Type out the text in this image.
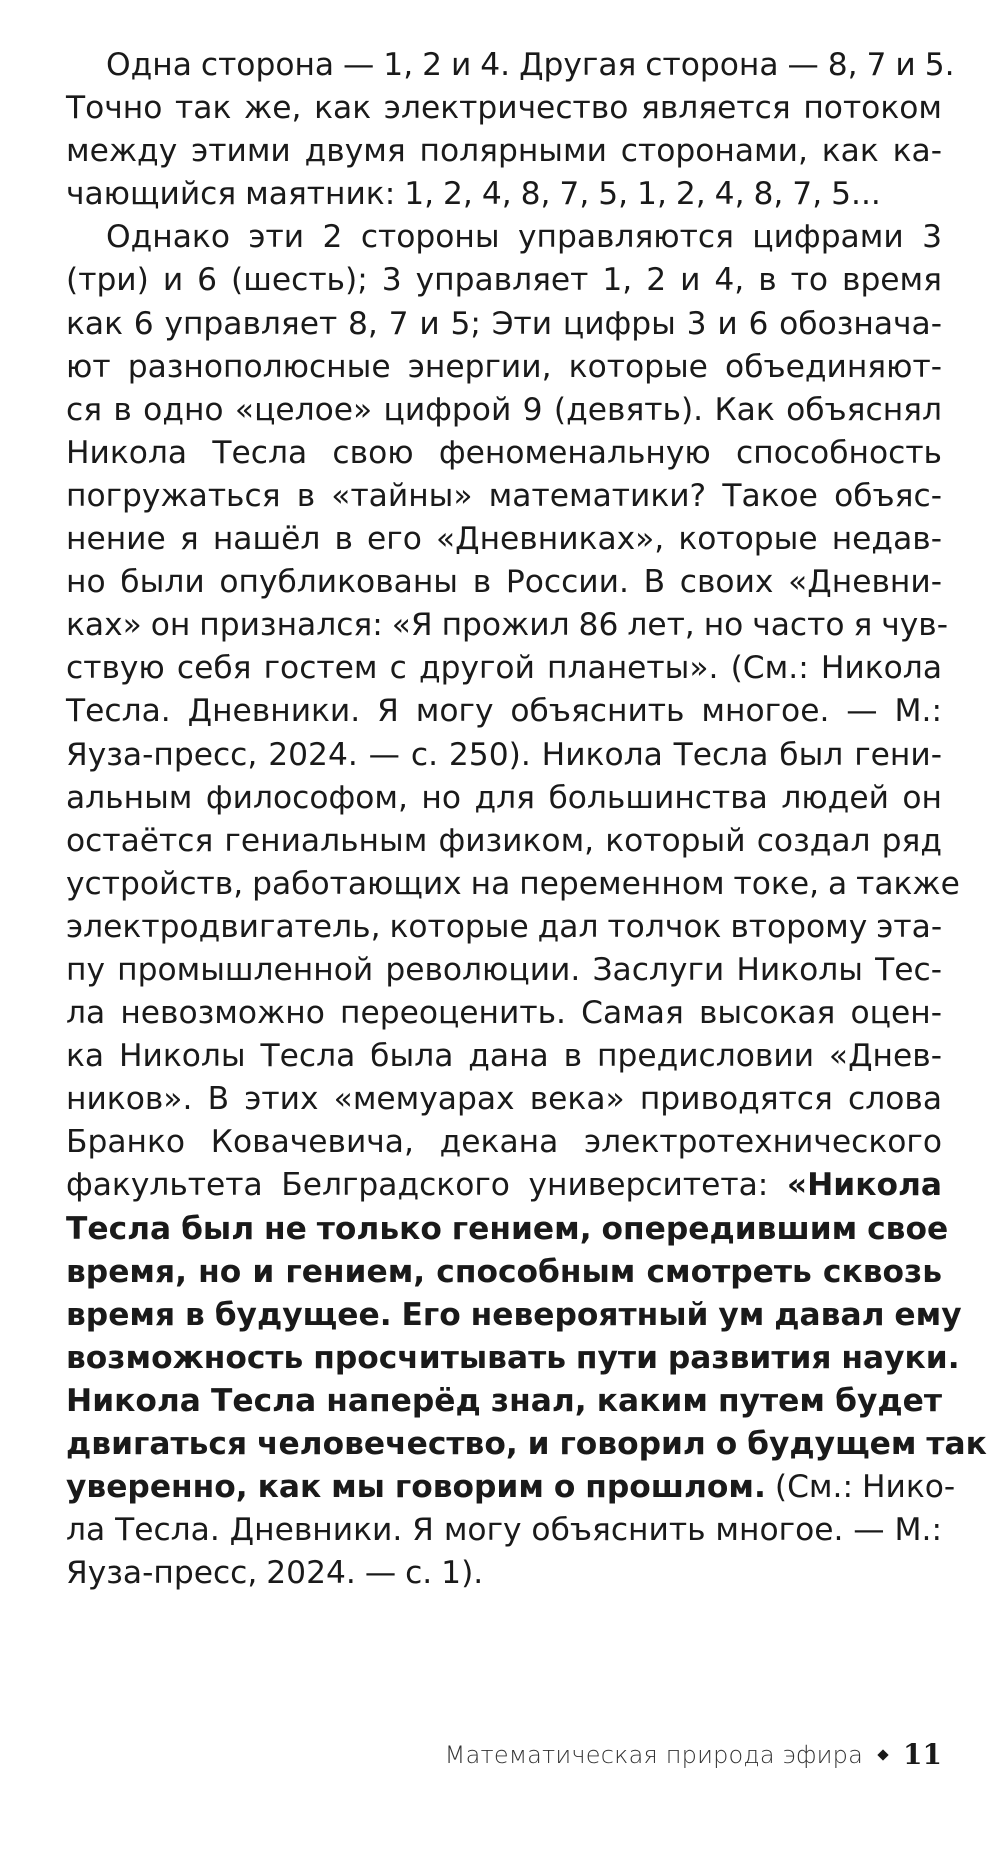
Одна сторона — 1, 2 и 4. Другая сторона — 8, 7 и 5.
Точно так же, как электричество является потоком
между этими двумя полярными сторонами, как ка-
чающийся маятник: 1, 2, 4, 8, 7, 5, 1, 2, 4, 8, 7, 5...
Однако эти 2 стороны управляются цифрами 3
(три) и 6 (шесть); 3 управляет 1, 2 и 4, в то время
как 6 управляет 8, 7 и 5; Эти цифры 3 и 6 обознача-
ют разнополюсные энергии, которые объединяют-
ся в одно «целое» цифрой 9 (девять). Как объяснял
Никола Тесла свою феноменальную способность
погружаться в «тайны» математики? Такое объяс-
нение я нашёл в его «Дневниках», которые недав-
но были опубликованы в России. В своих «Дневни-
ках» он признался: «Я прожил 86 лет, но часто я чув-
ствую себя гостем с другой планеты». (См.: Никола
Тесла. Дневники. Я могу объяснить многое. — М.:
Яуза-пресс, 2024. — с. 250). Никола Тесла был гени-
альным философом, но для большинства людей он
остаётся гениальным физиком, который создал ряд
устройств, работающих на переменном токе, а также
электродвигатель, которые дал толчок второму эта-
пу промышленной революции. Заслуги Николы Тес-
ла невозможно переоценить. Самая высокая оцен-
ка Николы Тесла была дана в предисловии «Днев-
ников». В этих «мемуарах века» приводятся слова
Бранко Ковачевича, декана электротехнического
факультета Белградского университета: «Никола
Тесла был не только гением, опередившим свое
время, но и гением, способным смотреть сквозь
время в будущее. Его невероятный ум давал ему
возможность просчитывать пути развития науки.
Никола Тесла наперёд знал, каким путем будет
двигаться человечество, и говорил о будущем так
уверенно, как мы говорим о прошлом. (См.: Нико-
ла Тесла. Дневники. Я могу объяснить многое. — М.:
Яуза-пресс, 2024. — с. 1).
Математическая природа эфира 11
